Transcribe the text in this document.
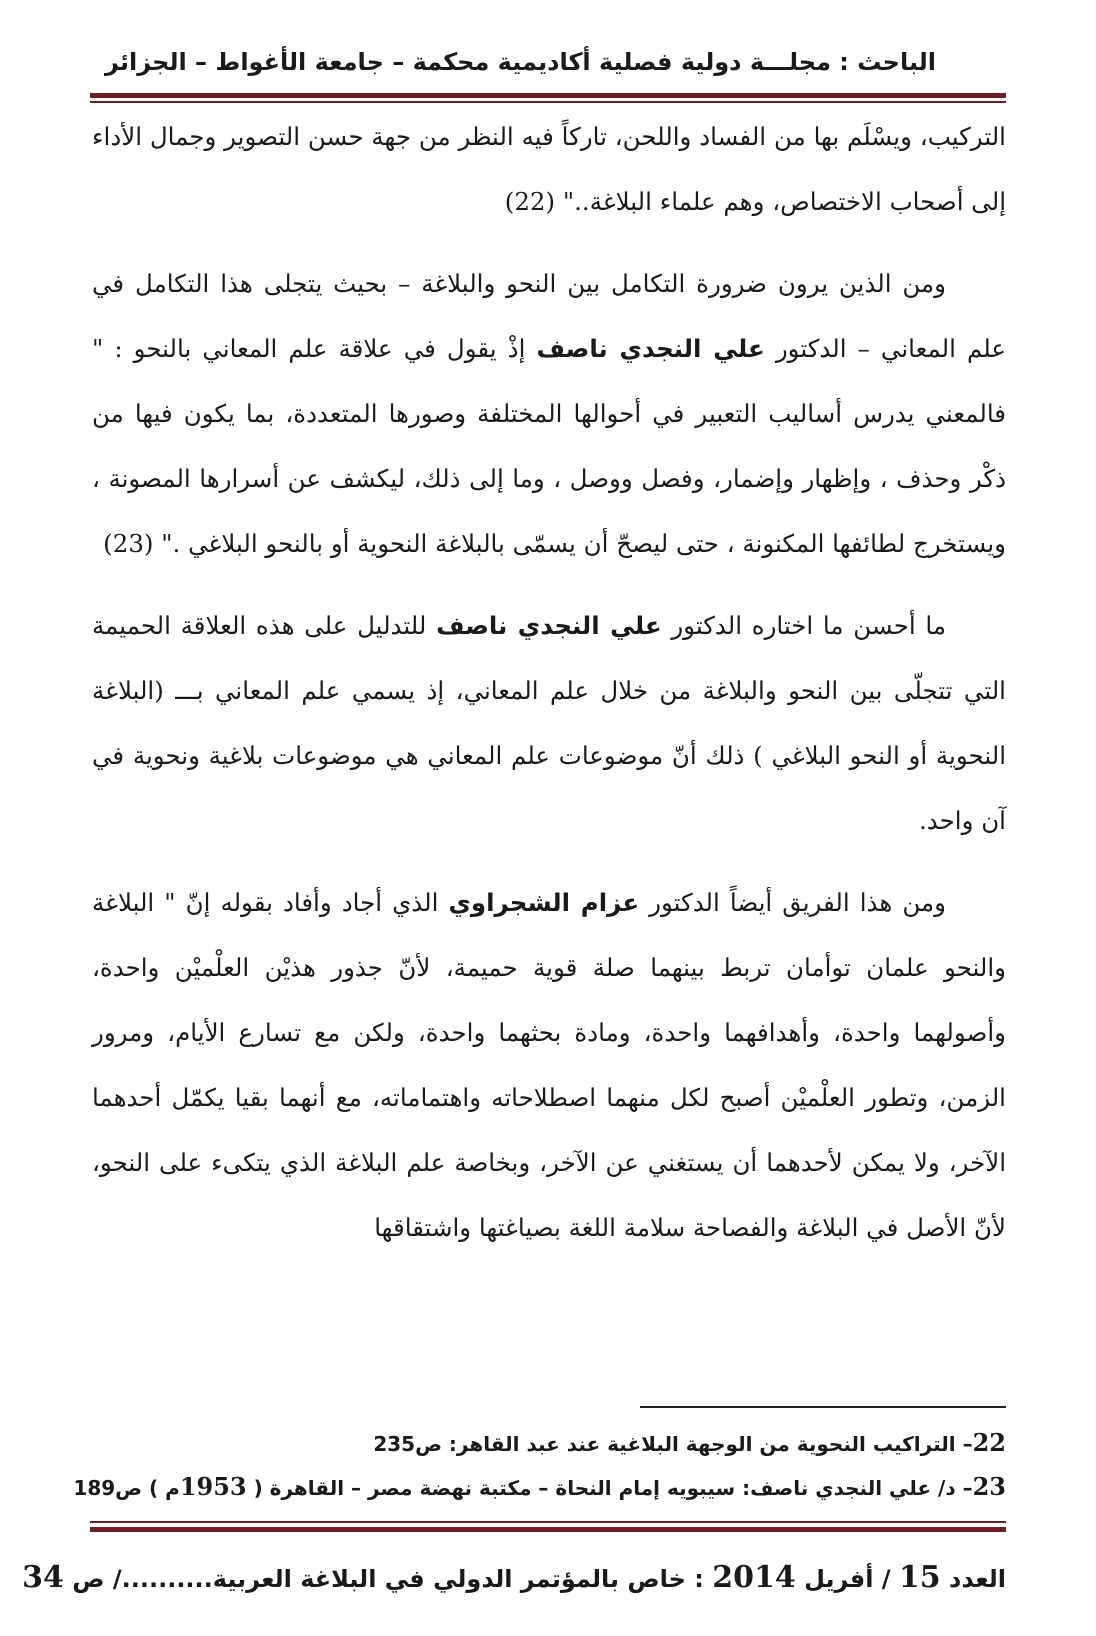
الباحث : مجلـــة دولية فصلية أكاديمية محكمة – جامعة الأغواط – الجزائر

التركيب، ويسْلَم بها من الفساد واللحن، تاركاً فيه النظر من جهة حسن التصوير وجمال الأداء إلى أصحاب الاختصاص، وهم علماء البلاغة.." (22)

ومن الذين يرون ضرورة التكامل بين النحو والبلاغة – بحيث يتجلى هذا التكامل في علم المعاني – الدكتور علي النجدي ناصف إذْ يقول في علاقة علم المعاني بالنحو : " فالمعني يدرس أساليب التعبير في أحوالها المختلفة وصورها المتعددة، بما يكون فيها من ذكْر وحذف ، وإظهار وإضمار، وفصل ووصل ، وما إلى ذلك، ليكشف عن أسرارها المصونة ، ويستخرج لطائفها المكنونة ، حتى ليصحّ أن يسمّى بالبلاغة النحوية أو بالنحو البلاغي ." (23)

ما أحسن ما اختاره الدكتور علي النجدي ناصف للتدليل على هذه العلاقة الحميمة التي تتجلّى بين النحو والبلاغة من خلال علم المعاني، إذ يسمي علم المعاني بـــ (البلاغة النحوية أو النحو البلاغي ) ذلك أنّ موضوعات علم المعاني هي موضوعات بلاغية ونحوية في آن واحد.

ومن هذا الفريق أيضاً الدكتور عزام الشجراوي الذي أجاد وأفاد بقوله إنّ " البلاغة والنحو علمان توأمان تربط بينهما صلة قوية حميمة، لأنّ جذور هذيْن العلْميْن واحدة، وأصولهما واحدة، وأهدافهما واحدة، ومادة بحثهما واحدة، ولكن مع تسارع الأيام، ومرور الزمن، وتطور العلْميْن أصبح لكل منهما اصطلاحاته واهتماماته، مع أنهما بقيا يكمّل أحدهما الآخر، ولا يمكن لأحدهما أن يستغني عن الآخر، وبخاصة علم البلاغة الذي يتكىء على النحو، لأنّ الأصل في البلاغة والفصاحة سلامة اللغة بصياغتها واشتقاقها

22– التراكيب النحوية من الوجهة البلاغية عند عبد القاهر: ص235
23– د/ علي النجدي ناصف: سيبويه إمام النحاة – مكتبة نهضة مصر – القاهرة ( 1953م ) ص189
العدد 15 / أفريل 2014 : خاص بالمؤتمر الدولي في البلاغة العربية........../ ص 34
